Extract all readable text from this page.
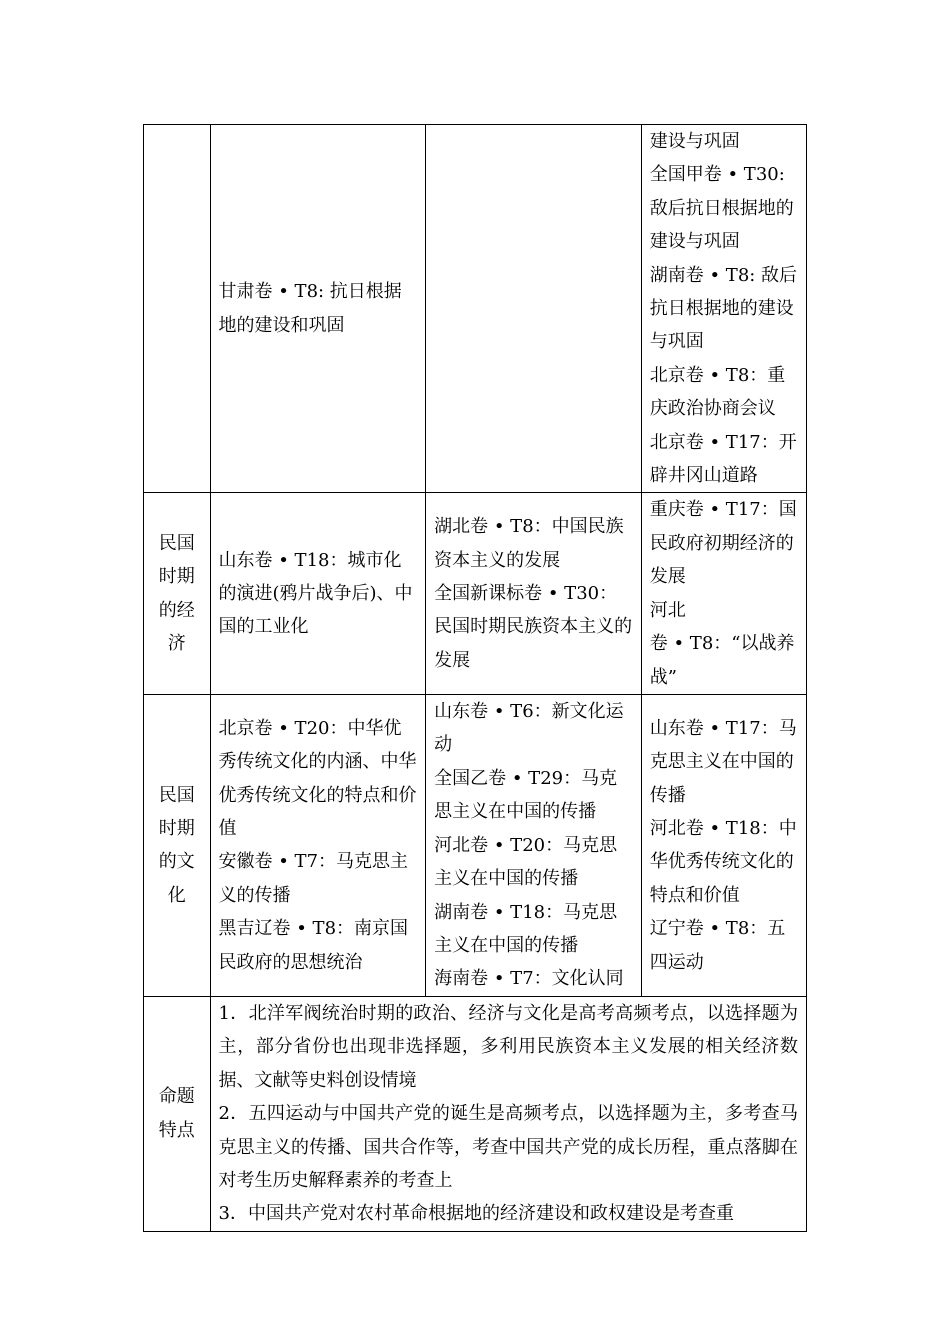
	甘肃卷 • T8: 抗日根据地的建设和巩固		建设与巩固
全国甲卷 • T30: 敌后抗日根据地的建设与巩固
湖南卷 • T8: 敌后抗日根据地的建设与巩固
北京卷 • T8：重庆政治协商会议
北京卷 • T17：开辟井冈山道路

民国时期的经济	山东卷 • T18：城市化的演进(鸦片战争后)、中国的工业化	湖北卷 • T8：中国民族资本主义的发展
全国新课标卷 • T30：民国时期民族资本主义的发展	重庆卷 • T17：国民政府初期经济的发展
河北
卷 • T8：“以战养战”

民国时期的文化	北京卷 • T20：中华优秀传统文化的内涵、中华优秀传统文化的特点和价值
安徽卷 • T7：马克思主义的传播
黑吉辽卷 • T8：南京国民政府的思想统治	山东卷 • T6：新文化运动
全国乙卷 • T29：马克思主义在中国的传播
河北卷 • T20：马克思主义在中国的传播
湖南卷 • T18：马克思主义在中国的传播
海南卷 • T7：文化认同	山东卷 • T17：马克思主义在中国的传播
河北卷 • T18：中华优秀传统文化的特点和价值
辽宁卷 • T8：五四运动

命题特点	1．北洋军阀统治时期的政治、经济与文化是高考高频考点，以选择题为主，部分省份也出现非选择题，多利用民族资本主义发展的相关经济数据、文献等史料创设情境
2．五四运动与中国共产党的诞生是高频考点，以选择题为主，多考查马克思主义的传播、国共合作等，考查中国共产党的成长历程，重点落脚在对考生历史解释素养的考查上
3．中国共产党对农村革命根据地的经济建设和政权建设是考查重		
